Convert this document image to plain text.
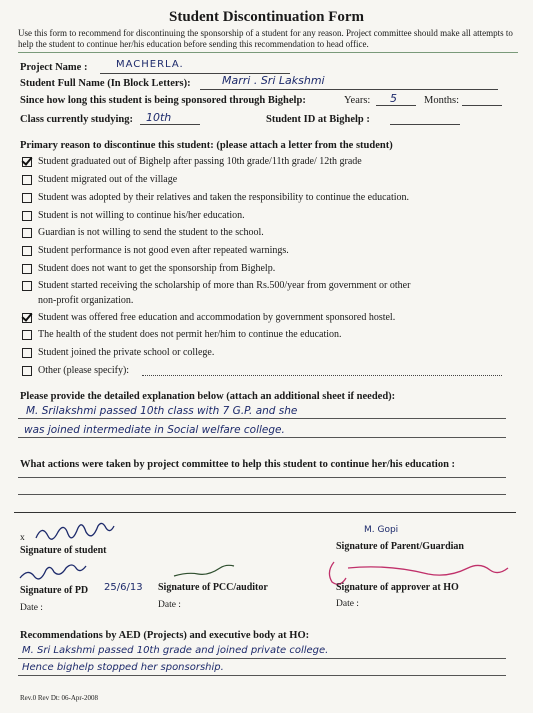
Student Discontinuation Form
Use this form to recommend for discontinuing the sponsorship of a student for any reason. Project committee should make all attempts to help the student to continue her/his education before sending this recommendation to head office.
Project Name :	MACHERLA.
Student Full Name (In Block Letters):	Marri . Sri Lakshmi
Since how long this student is being sponsored through Bighelp:	Years: 5	Months:
Class currently studying: 10th	Student ID at Bighelp :
Primary reason to discontinue this student: (please attach a letter from the student)
Student graduated out of Bighelp after passing 10th grade/11th grade/ 12th grade
Student migrated out of the village
Student was adopted by their relatives and taken the responsibility to continue the education.
Student is not willing to continue his/her education.
Guardian is not willing to send the student to the school.
Student performance is not good even after repeated warnings.
Student does not want to get the sponsorship from Bighelp.
Student started receiving the scholarship of more than Rs.500/year from government or other
non-profit organization.
Student was offered free education and accommodation by government sponsored hostel.
The health of the student does not permit her/him to continue the education.
Student joined the private school or college.
Other (please specify):
Please provide the detailed explanation below (attach an additional sheet if needed):
M. Srilakshmi passed 10th class with 7 G.P. and she
was joined intermediate in Social welfare college.
What actions were taken by project committee to help this student to continue her/his education :
x
Signature of student
M. Gopi
Signature of Parent/Guardian
Signature of PD 25/6/13
Date :
Signature of PCC/auditor
Date :
Signature of approver at HO
Date :
Recommendations by AED (Projects) and executive body at HO:
M. Sri Lakshmi passed 10th grade and joined private college.
Hence bighelp stopped her sponsorship.
Rev.0 Rev Dt: 06-Apr-2008
